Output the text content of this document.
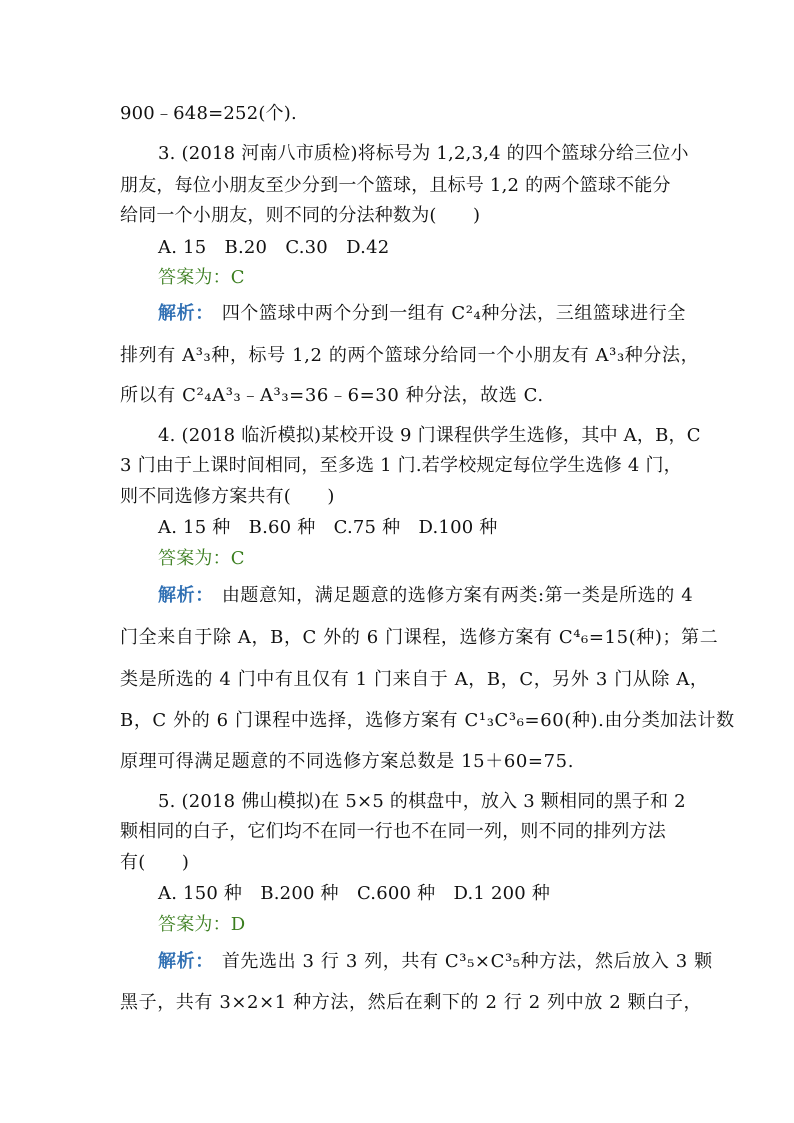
900﹣648=252(个).
3. (2018 河南八市质检)将标号为 1,2,3,4 的四个篮球分给三位小
朋友，每位小朋友至少分到一个篮球，且标号 1,2 的两个篮球不能分
给同一个小朋友，则不同的分法种数为(　　)
A. 15　B.20　C.30　D.42
答案为：C
解析： 四个篮球中两个分到一组有 C²₄种分法，三组篮球进行全
排列有 A³₃种，标号 1,2 的两个篮球分给同一个小朋友有 A³₃种分法，
所以有 C²₄A³₃﹣A³₃=36﹣6=30 种分法，故选 C.
4. (2018 临沂模拟)某校开设 9 门课程供学生选修，其中 A，B，C
3 门由于上课时间相同，至多选 1 门.若学校规定每位学生选修 4 门，
则不同选修方案共有(　　)
A. 15 种　B.60 种　C.75 种　D.100 种
答案为：C
解析： 由题意知，满足题意的选修方案有两类:第一类是所选的 4
门全来自于除 A，B，C 外的 6 门课程，选修方案有 C⁴₆=15(种)；第二
类是所选的 4 门中有且仅有 1 门来自于 A，B，C，另外 3 门从除 A，
B，C 外的 6 门课程中选择，选修方案有 C¹₃C³₆=60(种).由分类加法计数
原理可得满足题意的不同选修方案总数是 15＋60=75.
5. (2018 佛山模拟)在 5×5 的棋盘中，放入 3 颗相同的黑子和 2
颗相同的白子，它们均不在同一行也不在同一列，则不同的排列方法
有(　　)
A. 150 种　B.200 种　C.600 种　D.1 200 种
答案为：D
解析： 首先选出 3 行 3 列，共有 C³₅×C³₅种方法，然后放入 3 颗
黑子，共有 3×2×1 种方法，然后在剩下的 2 行 2 列中放 2 颗白子，
